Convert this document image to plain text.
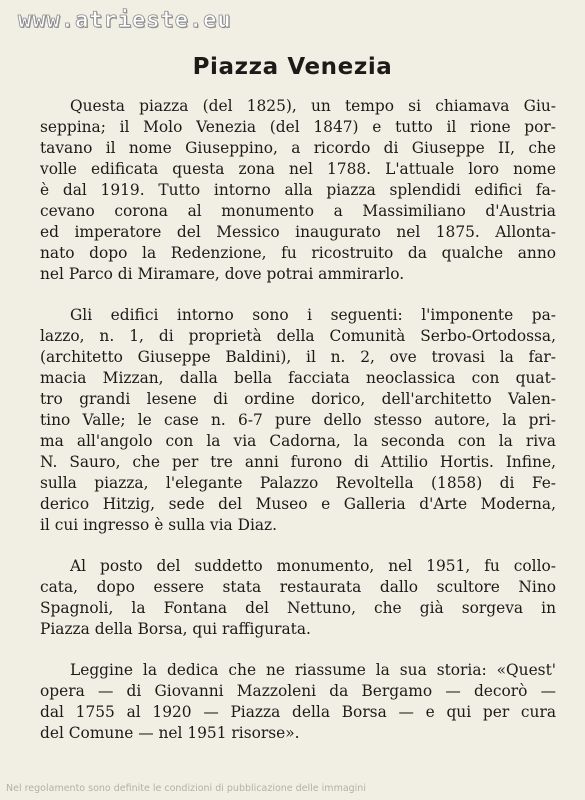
www.atrieste.eu
Piazza Venezia
Questa piazza (del 1825), un tempo si chiamava Giu-
seppina; il Molo Venezia (del 1847) e tutto il rione por-
tavano il nome Giuseppino, a ricordo di Giuseppe II, che
volle edificata questa zona nel 1788. L'attuale loro nome
è dal 1919. Tutto intorno alla piazza splendidi edifici fa-
cevano corona al monumento a Massimiliano d'Austria
ed imperatore del Messico inaugurato nel 1875. Allonta-
nato dopo la Redenzione, fu ricostruito da qualche anno
nel Parco di Miramare, dove potrai ammirarlo.
Gli edifici intorno sono i seguenti: l'imponente pa-
lazzo, n. 1, di proprietà della Comunità Serbo-Ortodossa,
(architetto Giuseppe Baldini), il n. 2, ove trovasi la far-
macia Mizzan, dalla bella facciata neoclassica con quat-
tro grandi lesene di ordine dorico, dell'architetto Valen-
tino Valle; le case n. 6-7 pure dello stesso autore, la pri-
ma all'angolo con la via Cadorna, la seconda con la riva
N. Sauro, che per tre anni furono di Attilio Hortis. Infine,
sulla piazza, l'elegante Palazzo Revoltella (1858) di Fe-
derico Hitzig, sede del Museo e Galleria d'Arte Moderna,
il cui ingresso è sulla via Diaz.
Al posto del suddetto monumento, nel 1951, fu collo-
cata, dopo essere stata restaurata dallo scultore Nino
Spagnoli, la Fontana del Nettuno, che già sorgeva in
Piazza della Borsa, qui raffigurata.
Leggine la dedica che ne riassume la sua storia: «Quest'
opera — di Giovanni Mazzoleni da Bergamo — decorò —
dal 1755 al 1920 — Piazza della Borsa — e qui per cura
del Comune — nel 1951 risorse».
Nel regolamento sono definite le condizioni di pubblicazione delle immagini
